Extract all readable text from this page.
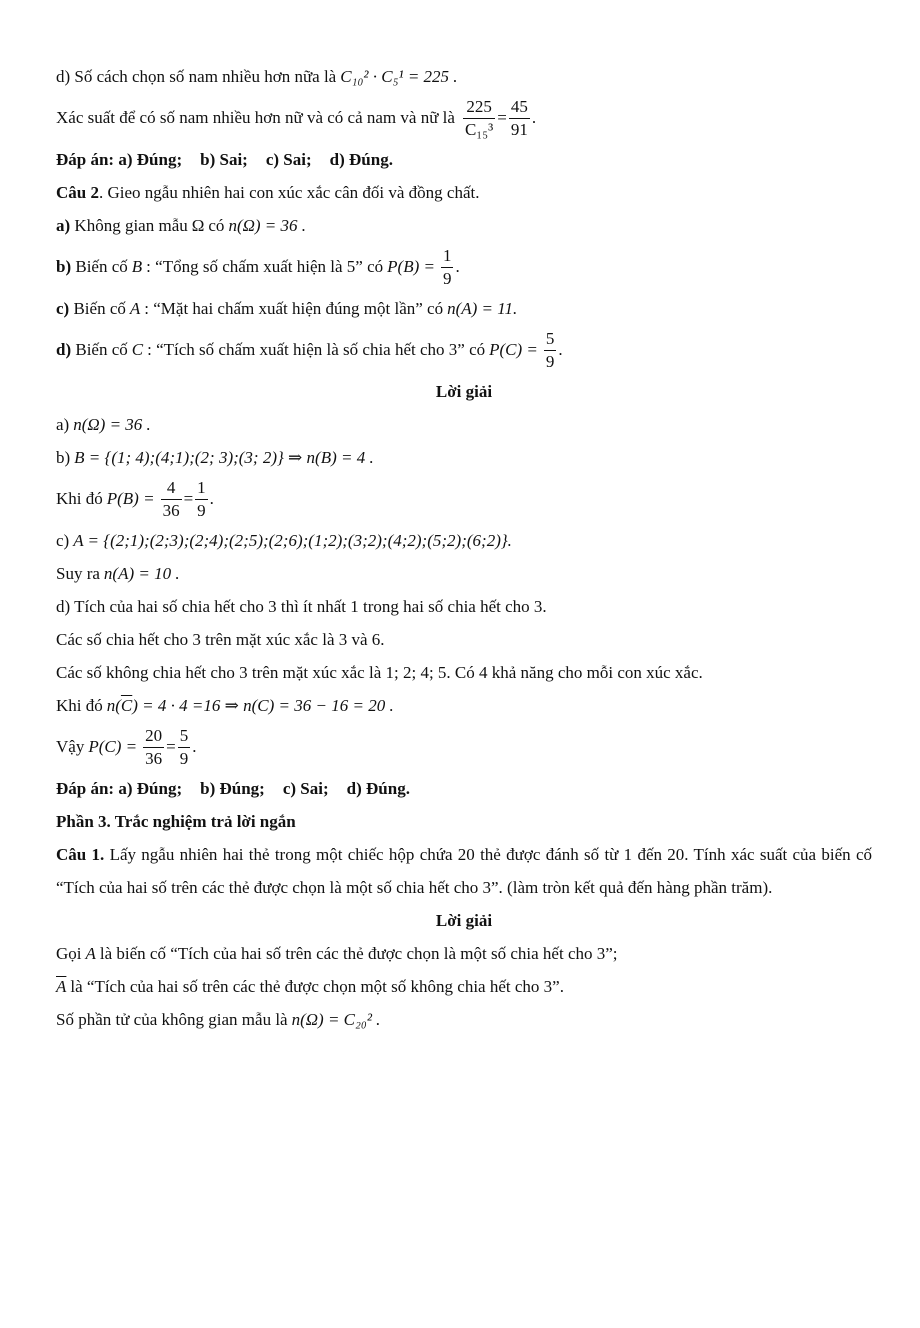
d) Số cách chọn số nam nhiều hơn nữa là C₁₀² · C₅¹ = 225 .
Xác suất để có số nam nhiều hơn nữ và có cả nam và nữ là $\frac{225}{\text{C₁₅³}} = \frac{45}{91}$ .
Đáp án:
a) Đúng; b) Sai; c) Sai; d) Đúng.
Câu 2 . Gieo ngẫu nhiên hai con xúc xắc cân đối và đồng chất.
a)
Không gian mẫu Ω có n(Ω) = 36 .
b)
Biến cố B : “Tổng số chấm xuất hiện là 5” có $P(B) = \frac{1}{9}$ .
c)
Biến cố A : “Mặt hai chấm xuất hiện đúng một lần” có n(A) = 11.
d)
Biến cố C : “Tích số chấm xuất hiện là số chia hết cho 3” có $P(C) = \frac{5}{9}$ .
Lời giải
a) n(Ω) = 36 .
b) B = {(1; 4);(4;1);(2; 3);(3; 2)} ⇒ n(B) = 4 .
Khi đó $P(B) = \frac{4}{36} = \frac{1}{9}$ .
c) A = {(2;1);(2;3);(2;4);(2;5);(2;6);(1;2);(3;2);(4;2);(5;2);(6;2)}.
Suy ra n(A) = 10 .
d) Tích của hai số chia hết cho 3 thì ít nhất 1 trong hai số chia hết cho 3.
Các số chia hết cho 3 trên mặt xúc xắc là 3 và 6.
Các số không chia hết cho 3 trên mặt xúc xắc là 1; 2; 4; 5. Có 4 khả năng cho mỗi con xúc xắc.
Khi đó n( $\overline{C}$ ) = 4 · 4 =16 ⇒ n(C) = 36 − 16 = 20 .
Vậy $P(C) = \frac{20}{36} = \frac{5}{9}$ .
Đáp án:
a) Đúng; b) Đúng; c) Sai; d) Đúng.
Phần 3. Trắc nghiệm trả lời ngắn
Câu 1. Lấy ngẫu nhiên hai thẻ trong một chiếc hộp chứa 20 thẻ được đánh số từ 1 đến 20. Tính xác suất của biến cố “Tích của hai số trên các thẻ được chọn là một số chia hết cho 3”. (làm tròn kết quả đến hàng phần trăm).
Lời giải
Gọi A là biến cố “Tích của hai số trên các thẻ được chọn là một số chia hết cho 3”;
$\overline{A}$ là “Tích của hai số trên các thẻ được chọn một số không chia hết cho 3”.
Số phần tử của không gian mẫu là n(Ω) = C₂₀² .
